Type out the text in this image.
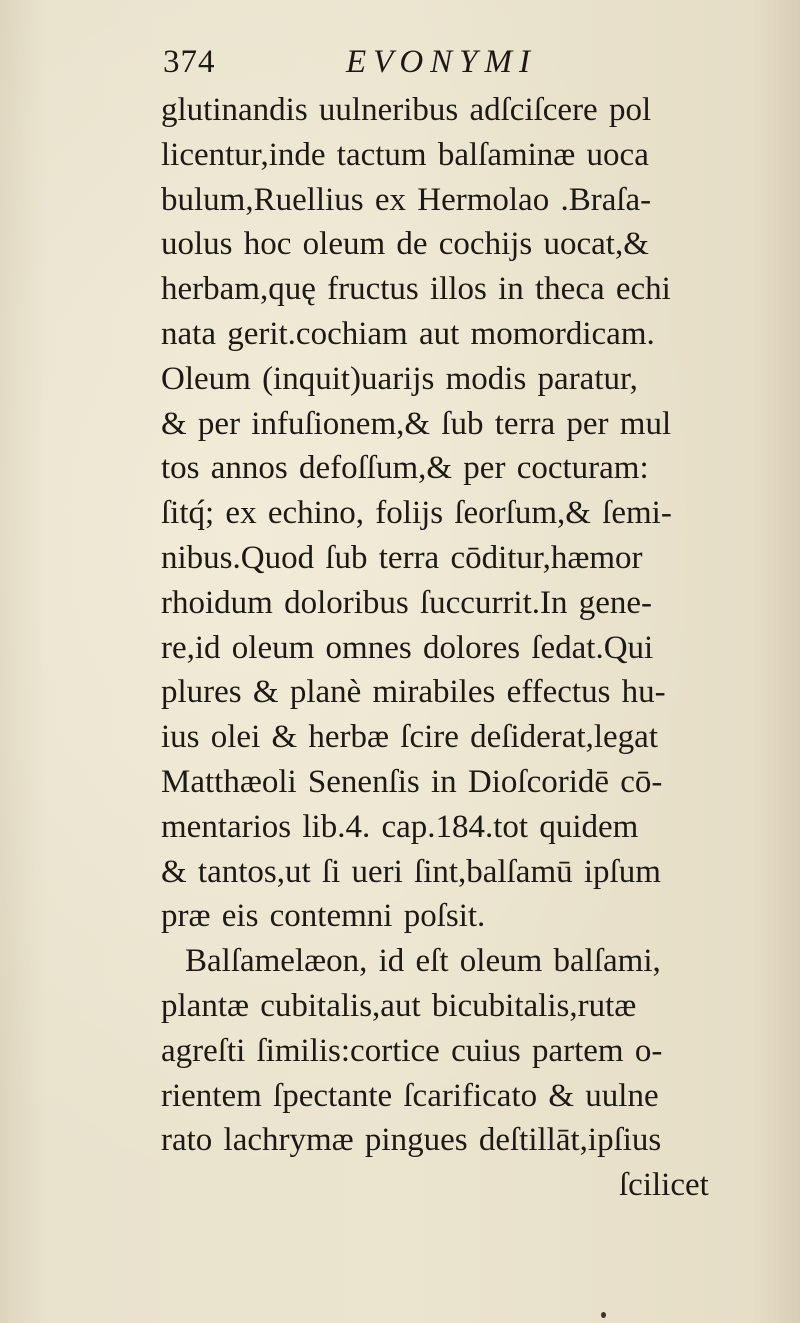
374	EVONYMI
glutinandis uulneribus adſciſcere pol
licentur,inde tactum balſaminæ uoca
bulum,Ruellius ex Hermolao .Braſa-
uolus hoc oleum de cochijs uocat,&
herbam,quę fructus illos in theca echi
nata gerit.cochiam aut momordicam.
Oleum (inquit)uarijs modis paratur,
& per infuſionem,& ſub terra per mul
tos annos defoſſum,& per cocturam:
ſitq́; ex echino, folijs ſeorſum,& ſemi-
nibus.Quod ſub terra cōditur,hæmor
rhoidum doloribus ſuccurrit.In gene-
re,id oleum omnes dolores ſedat.Qui
plures & planè mirabiles effectus hu-
ius olei & herbæ ſcire deſiderat,legat
Matthæoli Senenſis in Dioſcoridē cō-
mentarios lib.4. cap.184.tot quidem
& tantos,ut ſi ueri ſint,balſamū ipſum
præ eis contemni poſsit.
Balſamelæon, id eſt oleum balſami,
plantæ cubitalis,aut bicubitalis,rutæ
agreſti ſimilis:cortice cuius partem o-
rientem ſpectante ſcarificato & uulne
rato lachrymæ pingues deſtillāt,ipſius
ſcilicet
